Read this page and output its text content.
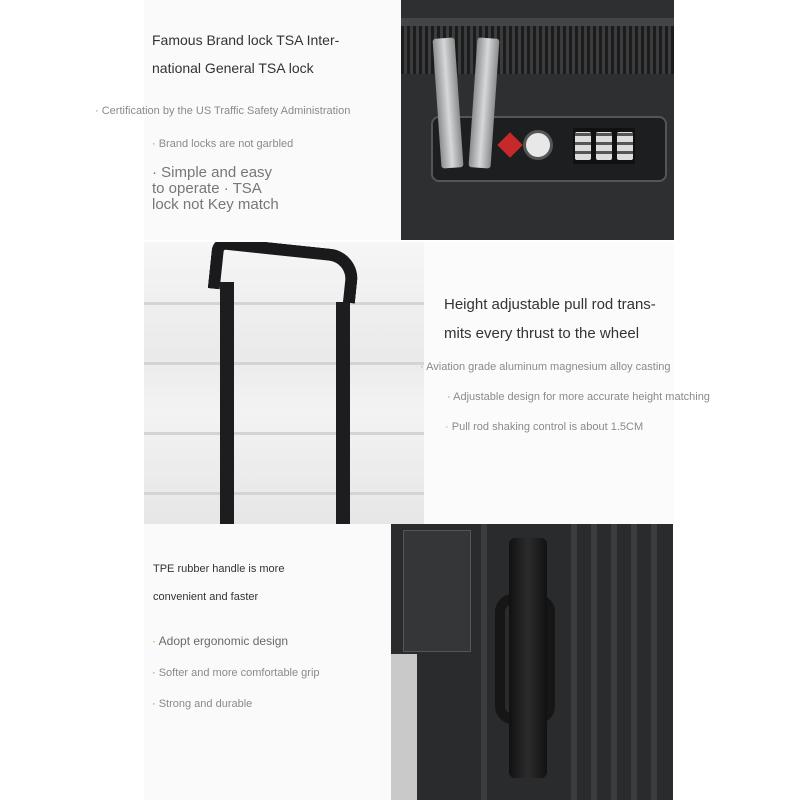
Famous Brand lock TSA Inter-
national General TSA lock
· Certification by the US Traffic Safety Administration
· Brand locks are not garbled
· Simple and easy
to operate · TSA
lock not Key match
Height adjustable pull rod trans-
mits every thrust to the wheel
· Aviation grade aluminum magnesium alloy casting
· Adjustable design for more accurate height matching
· Pull rod shaking control is about 1.5CM
TPE rubber handle is more
convenient and faster
· Adopt ergonomic design
· Softer and more comfortable grip
· Strong and durable
